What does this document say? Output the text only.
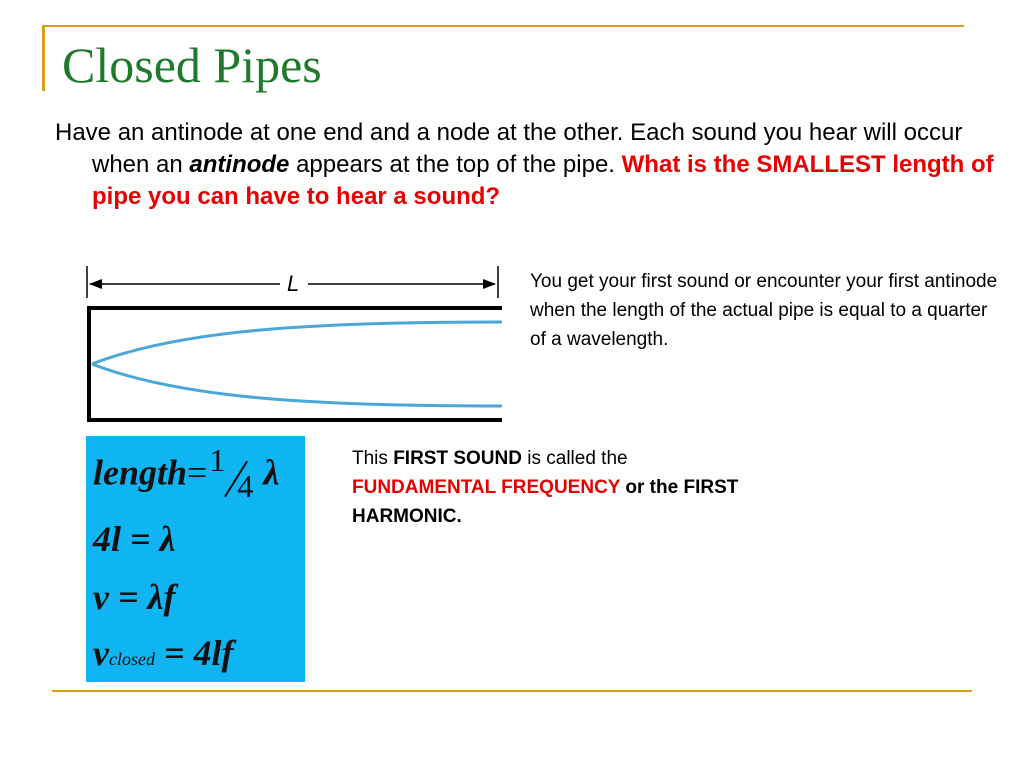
Closed Pipes
Have an antinode at one end and a node at the other. Each sound you hear will occur when an antinode appears at the top of the pipe. What is the SMALLEST length of pipe you can have to hear a sound?
L	You get your first sound or encounter your first antinode when the length of the actual pipe is equal to a quarter of a wavelength.
length= 1
4 λ
4l = λ
v = λf
vclosed = 4lf
This FIRST SOUND is called the
FUNDAMENTAL FREQUENCY or the FIRST HARMONIC.
